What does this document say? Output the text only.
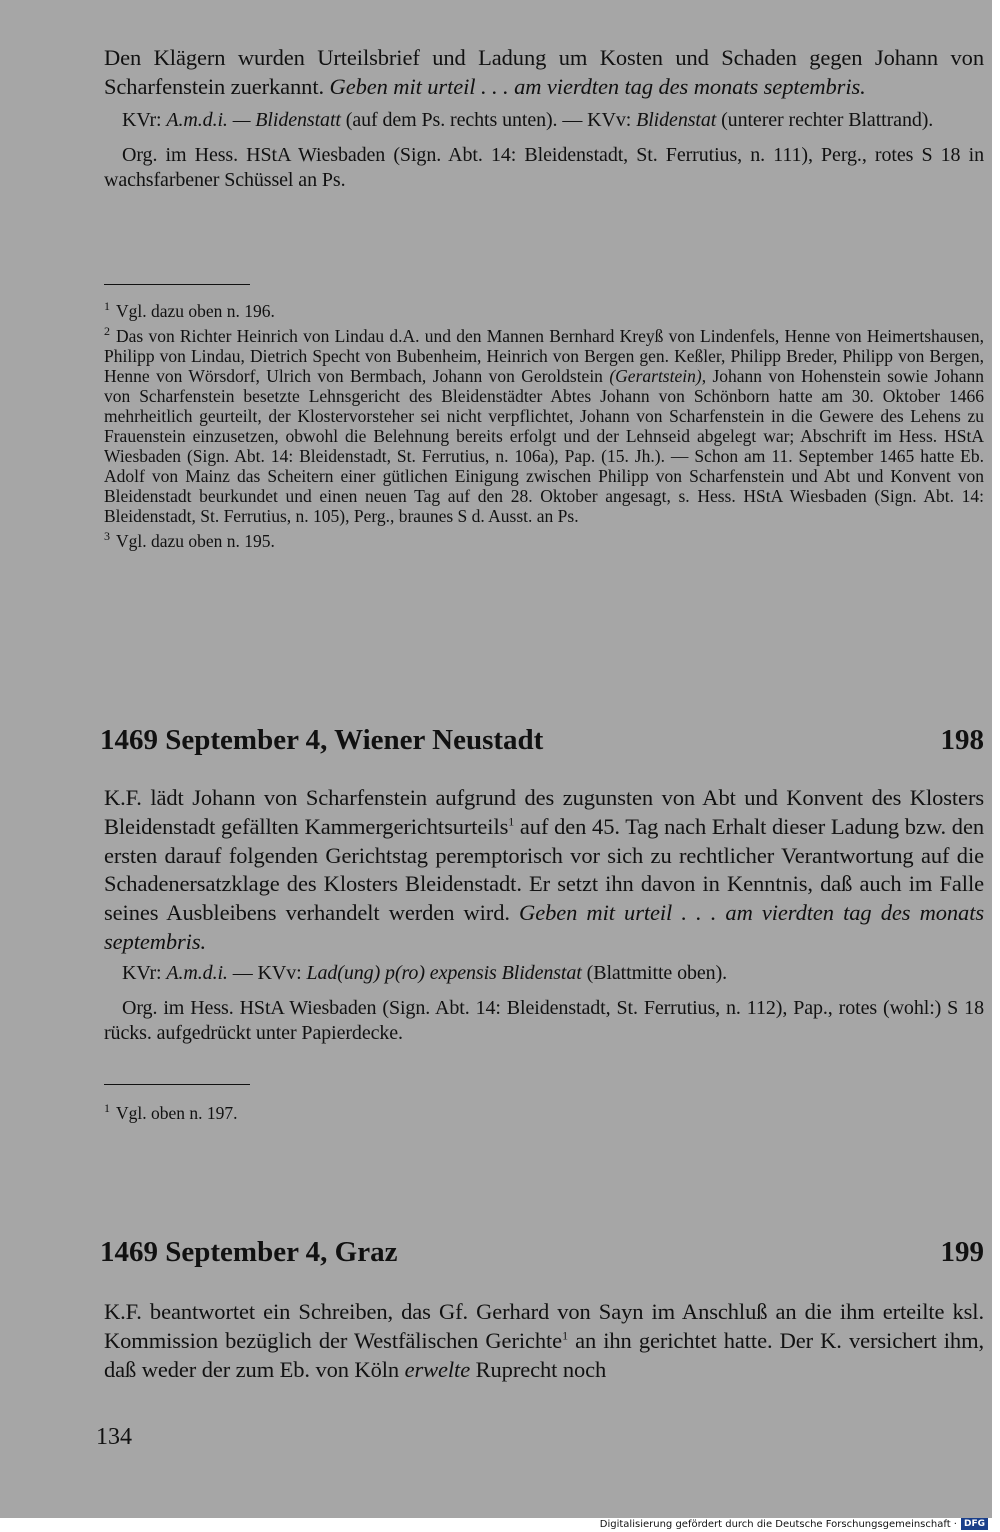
Den Klägern wurden Urteilsbrief und Ladung um Kosten und Schaden gegen Johann von Scharfenstein zuerkannt. Geben mit urteil . . . am vierdten tag des monats septembris.

KVr: A.m.d.i. — Blidenstatt (auf dem Ps. rechts unten). — KVv: Blidenstat (unterer rechter Blattrand).

Org. im Hess. HStA Wiesbaden (Sign. Abt. 14: Bleidenstadt, St. Ferrutius, n. 111), Perg., rotes S 18 in wachsfarbener Schüssel an Ps.

$^1$ Vgl. dazu oben n. 196.

$^2$ Das von Richter Heinrich von Lindau d.A. und den Mannen Bernhard Kreyß von Lindenfels, Henne von Heimertshausen, Philipp von Lindau, Dietrich Specht von Bubenheim, Heinrich von Bergen gen. Keßler, Philipp Breder, Philipp von Bergen, Henne von Wörsdorf, Ulrich von Bermbach, Johann von Geroldstein (Gerartstein), Johann von Hohenstein sowie Johann von Scharfenstein besetzte Lehnsgericht des Bleidenstädter Abtes Johann von Schönborn hatte am 30. Oktober 1466 mehrheitlich geurteilt, der Klostervorsteher sei nicht verpflichtet, Johann von Scharfenstein in die Gewere des Lehens zu Frauenstein einzusetzen, obwohl die Belehnung bereits erfolgt und der Lehnseid abgelegt war; Abschrift im Hess. HStA Wiesbaden (Sign. Abt. 14: Bleidenstadt, St. Ferrutius, n. 106a), Pap. (15. Jh.). — Schon am 11. September 1465 hatte Eb. Adolf von Mainz das Scheitern einer gütlichen Einigung zwischen Philipp von Scharfenstein und Abt und Konvent von Bleidenstadt beurkundet und einen neuen Tag auf den 28. Oktober angesagt, s. Hess. HStA Wiesbaden (Sign. Abt. 14: Bleidenstadt, St. Ferrutius, n. 105), Perg., braunes S d. Ausst. an Ps.

$^3$ Vgl. dazu oben n. 195.

1469 September 4, Wiener Neustadt	198

K.F. lädt Johann von Scharfenstein aufgrund des zugunsten von Abt und Konvent des Klosters Bleidenstadt gefällten Kammergerichtsurteils$^1$ auf den 45. Tag nach Erhalt dieser Ladung bzw. den ersten darauf folgenden Gerichtstag peremptorisch vor sich zu rechtlicher Verantwortung auf die Schadenersatzklage des Klosters Bleidenstadt. Er setzt ihn davon in Kenntnis, daß auch im Falle seines Ausbleibens verhandelt werden wird. Geben mit urteil . . . am vierdten tag des monats septembris.

KVr: A.m.d.i. — KVv: Lad(ung) p(ro) expensis Blidenstat (Blattmitte oben).

Org. im Hess. HStA Wiesbaden (Sign. Abt. 14: Bleidenstadt, St. Ferrutius, n. 112), Pap., rotes (wohl:) S 18 rücks. aufgedrückt unter Papierdecke.

$^1$ Vgl. oben n. 197.

1469 September 4, Graz	199

K.F. beantwortet ein Schreiben, das Gf. Gerhard von Sayn im Anschluß an die ihm erteilte ksl. Kommission bezüglich der Westfälischen Gerichte$^1$ an ihn gerichtet hatte. Der K. versichert ihm, daß weder der zum Eb. von Köln erwelte Ruprecht noch

134
Digitalisierung gefördert durch die Deutsche Forschungsgemeinschaft · DFG
